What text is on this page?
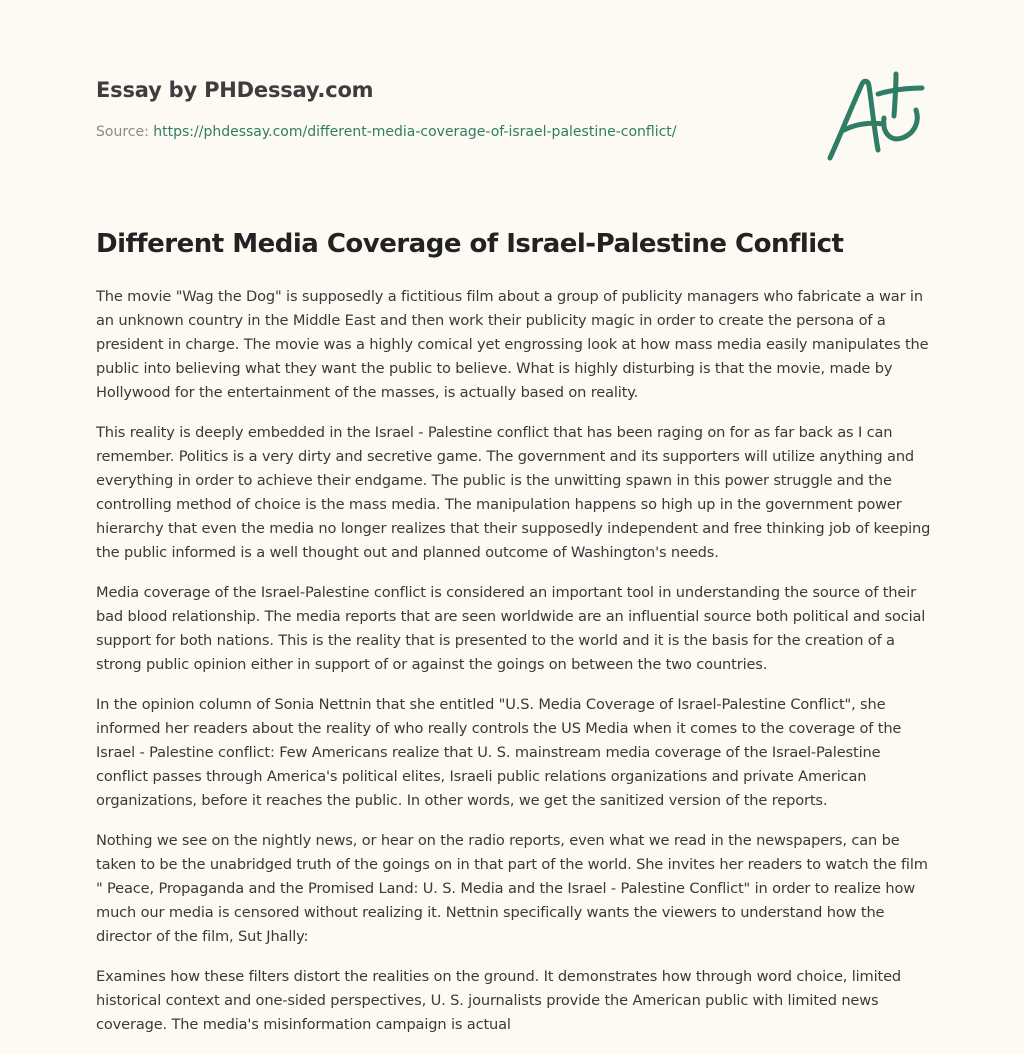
Essay by PHDessay.com
Source: https://phdessay.com/different-media-coverage-of-israel-palestine-conflict/
Different Media Coverage of Israel-Palestine Conflict

The movie "Wag the Dog" is supposedly a fictitious film about a group of publicity managers who fabricate a war in an unknown country in the Middle East and then work their publicity magic in order to create the persona of a president in charge. The movie was a highly comical yet engrossing look at how mass media easily manipulates the public into believing what they want the public to believe. What is highly disturbing is that the movie, made by Hollywood for the entertainment of the masses, is actually based on reality.

This reality is deeply embedded in the Israel - Palestine conflict that has been raging on for as far back as I can remember. Politics is a very dirty and secretive game. The government and its supporters will utilize anything and everything in order to achieve their endgame. The public is the unwitting spawn in this power struggle and the controlling method of choice is the mass media. The manipulation happens so high up in the government power hierarchy that even the media no longer realizes that their supposedly independent and free thinking job of keeping the public informed is a well thought out and planned outcome of Washington's needs.

Media coverage of the Israel-Palestine conflict is considered an important tool in understanding the source of their bad blood relationship. The media reports that are seen worldwide are an influential source both political and social support for both nations. This is the reality that is presented to the world and it is the basis for the creation of a strong public opinion either in support of or against the goings on between the two countries.

In the opinion column of Sonia Nettnin that she entitled "U.S. Media Coverage of Israel-Palestine Conflict", she informed her readers about the reality of who really controls the US Media when it comes to the coverage of the Israel - Palestine conflict: Few Americans realize that U. S. mainstream media coverage of the Israel-Palestine conflict passes through America's political elites, Israeli public relations organizations and private American organizations, before it reaches the public. In other words, we get the sanitized version of the reports.

Nothing we see on the nightly news, or hear on the radio reports, even what we read in the newspapers, can be taken to be the unabridged truth of the goings on in that part of the world. She invites her readers to watch the film " Peace, Propaganda and the Promised Land: U. S. Media and the Israel - Palestine Conflict" in order to realize how much our media is censored without realizing it. Nettnin specifically wants the viewers to understand how the director of the film, Sut Jhally:

Examines how these filters distort the realities on the ground. It demonstrates how through word choice, limited historical context and one-sided perspectives, U. S. journalists provide the American public with limited news coverage. The media's misinformation campaign is actual
